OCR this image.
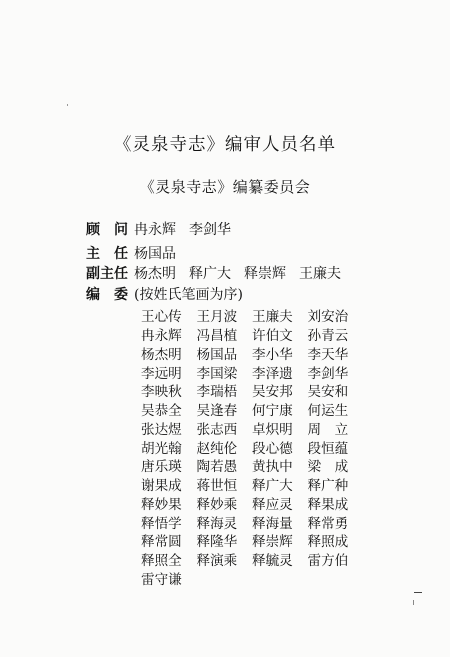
《灵泉寺志》编审人员名单
《灵泉寺志》编纂委员会
顾 问 冉永辉 李剑华
主 任 杨国品
副主任 杨杰明 释广大 释崇辉 王廉夫
编 委 (按姓氏笔画为序)
王心传	王月波	王廉夫	刘安治
冉永辉	冯昌植	许伯文	孙青云
杨杰明	杨国品	李小华	李天华
李远明	李国梁	李泽遗	李剑华
李映秋	李瑞梧	吴安邦	吴安和
吴恭全	吴逢春	何宁康	何运生
张达煜	张志西	卓炽明	周　立
胡光翰	赵纯伦	段心德	段恒蕴
唐乐瑛	陶若愚	黄执中	梁　成
谢果成	蒋世恒	释广大	释广种
释妙果	释妙乘	释应灵	释果成
释悟学	释海灵	释海量	释常勇
释常圆	释隆华	释崇辉	释照成
释照全	释演乘	释毓灵	雷方伯
雷守谦
